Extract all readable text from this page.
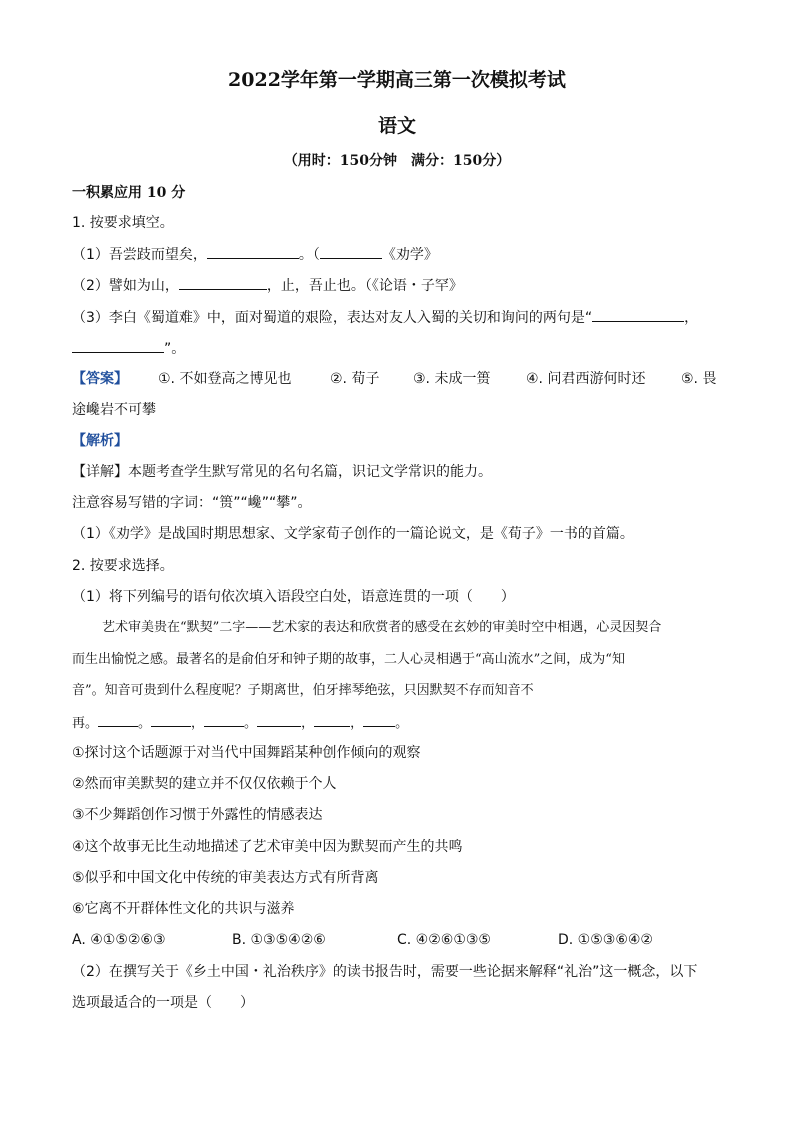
2022学年第一学期高三第一次模拟考试
语文
（用时：150分钟　满分：150分）
一积累应用 10 分
1. 按要求填空。
（1）吾尝跂而望矣，	。（	《劝学》
（2）譬如为山，	，止，吾止也。（《论语・子罕》
（3）李白《蜀道难》中，面对蜀道的艰险，表达对友人入蜀的关切和询问的两句是“	，
”。
【答案】 ①. 不如登高之博见也	②. 荀子 ③. 未成一篑	④. 问君西游何时还	⑤. 畏
途巉岩不可攀
【解析】
【详解】本题考查学生默写常见的名句名篇，识记文学常识的能力。
注意容易写错的字词：“篑”“巉”“攀”。
（1）《劝学》是战国时期思想家、文学家荀子创作的一篇论说文，是《荀子》一书的首篇。
2. 按要求选择。
（1）将下列编号的语句依次填入语段空白处，语意连贯的一项（　　）
艺术审美贵在“默契”二字——艺术家的表达和欣赏者的感受在玄妙的审美时空中相遇，心灵因契合
而生出愉悦之感。最著名的是俞伯牙和钟子期的故事，二人心灵相遇于“高山流水”之间，成为“知
音”。知音可贵到什么程度呢？子期离世，伯牙摔琴绝弦，只因默契不存而知音不
再。	。	，	。	，	， 。
①探讨这个话题源于对当代中国舞蹈某种创作倾向的观察
②然而审美默契的建立并不仅仅依赖于个人
③不少舞蹈创作习惯于外露性的情感表达
④这个故事无比生动地描述了艺术审美中因为默契而产生的共鸣
⑤似乎和中国文化中传统的审美表达方式有所背离
⑥它离不开群体性文化的共识与滋养
A. ④①⑤②⑥③	B. ①③⑤④②⑥	C. ④②⑥①③⑤	D. ①⑤③⑥④②
（2）在撰写关于《乡土中国・礼治秩序》的读书报告时，需要一些论据来解释“礼治”这一概念，以下
选项最适合的一项是（　　）
